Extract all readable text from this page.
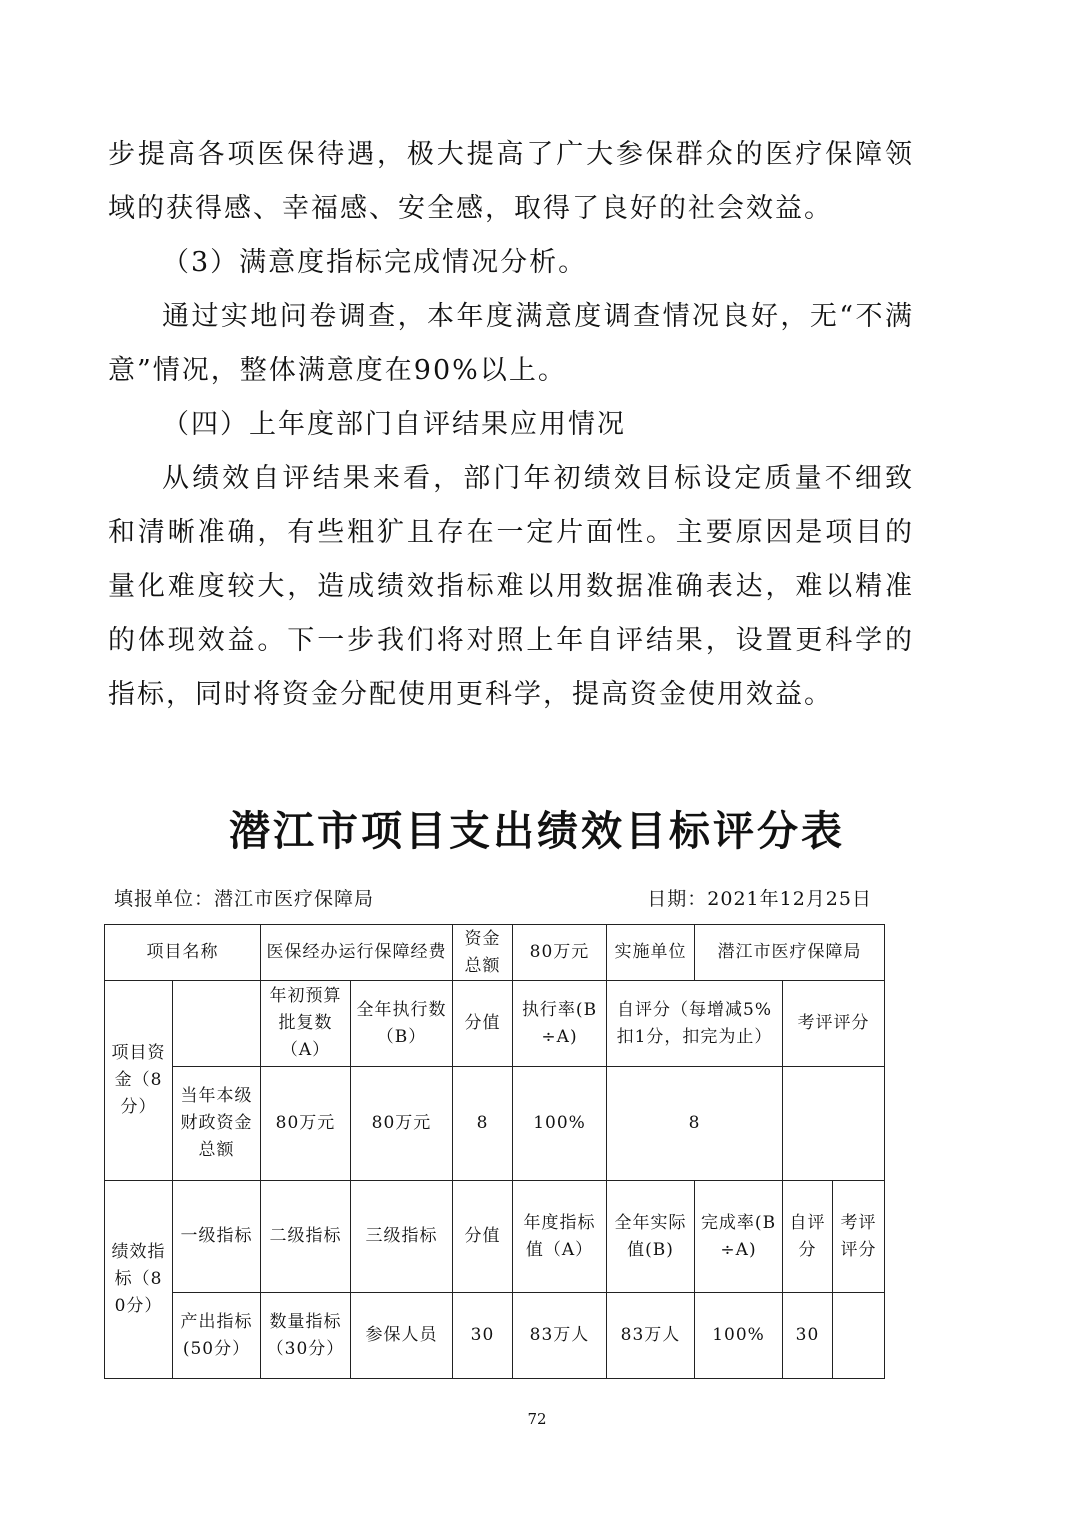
步提高各项医保待遇，极大提高了广大参保群众的医疗保障领域的获得感、幸福感、安全感，取得了良好的社会效益。

（3）满意度指标完成情况分析。

通过实地问卷调查，本年度满意度调查情况良好，无“不满意”情况，整体满意度在90%以上。

（四）上年度部门自评结果应用情况

从绩效自评结果来看，部门年初绩效目标设定质量不细致和清晰准确，有些粗犷且存在一定片面性。主要原因是项目的量化难度较大，造成绩效指标难以用数据准确表达，难以精准的体现效益。下一步我们将对照上年自评结果，设置更科学的指标，同时将资金分配使用更科学，提高资金使用效益。

潜江市项目支出绩效目标评分表
填报单位：潜江市医疗保障局	日期：2021年12月25日
项目名称		医保经办运行保障经费		资金总额	80万元	实施单位	潜江市医疗保障局		
项目资金（8分）		年初预算批复数（A）	全年执行数（B）	分值	执行率(B÷A)	自评分（每增减5%扣1分，扣完为止）		考评评分	
	当年本级财政资金总额	80万元	80万元	8	100%	8			
绩效指标（80分）	一级指标	二级指标	三级指标	分值	年度指标值（A）	全年实际值(B)	完成率(B÷A)	自评分	考评评分
	产出指标(50分）	数量指标（30分）	参保人员	30	83万人	83万人	100%	30	
72
